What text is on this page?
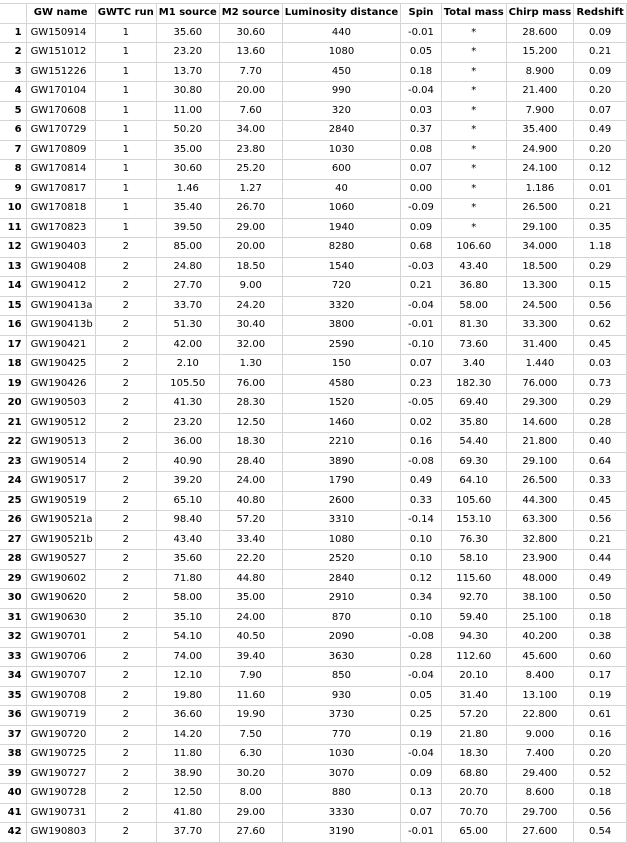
	GW name	GWTC run	M1 source	M2 source	Luminosity distance	Spin	Total mass	Chirp mass	Redshift
1	GW150914	1	35.60	30.60	440	-0.01	*	28.600	0.09
2	GW151012	1	23.20	13.60	1080	0.05	*	15.200	0.21
3	GW151226	1	13.70	7.70	450	0.18	*	8.900	0.09
4	GW170104	1	30.80	20.00	990	-0.04	*	21.400	0.20
5	GW170608	1	11.00	7.60	320	0.03	*	7.900	0.07
6	GW170729	1	50.20	34.00	2840	0.37	*	35.400	0.49
7	GW170809	1	35.00	23.80	1030	0.08	*	24.900	0.20
8	GW170814	1	30.60	25.20	600	0.07	*	24.100	0.12
9	GW170817	1	1.46	1.27	40	0.00	*	1.186	0.01
10	GW170818	1	35.40	26.70	1060	-0.09	*	26.500	0.21
11	GW170823	1	39.50	29.00	1940	0.09	*	29.100	0.35
12	GW190403	2	85.00	20.00	8280	0.68	106.60	34.000	1.18
13	GW190408	2	24.80	18.50	1540	-0.03	43.40	18.500	0.29
14	GW190412	2	27.70	9.00	720	0.21	36.80	13.300	0.15
15	GW190413a	2	33.70	24.20	3320	-0.04	58.00	24.500	0.56
16	GW190413b	2	51.30	30.40	3800	-0.01	81.30	33.300	0.62
17	GW190421	2	42.00	32.00	2590	-0.10	73.60	31.400	0.45
18	GW190425	2	2.10	1.30	150	0.07	3.40	1.440	0.03
19	GW190426	2	105.50	76.00	4580	0.23	182.30	76.000	0.73
20	GW190503	2	41.30	28.30	1520	-0.05	69.40	29.300	0.29
21	GW190512	2	23.20	12.50	1460	0.02	35.80	14.600	0.28
22	GW190513	2	36.00	18.30	2210	0.16	54.40	21.800	0.40
23	GW190514	2	40.90	28.40	3890	-0.08	69.30	29.100	0.64
24	GW190517	2	39.20	24.00	1790	0.49	64.10	26.500	0.33
25	GW190519	2	65.10	40.80	2600	0.33	105.60	44.300	0.45
26	GW190521a	2	98.40	57.20	3310	-0.14	153.10	63.300	0.56
27	GW190521b	2	43.40	33.40	1080	0.10	76.30	32.800	0.21
28	GW190527	2	35.60	22.20	2520	0.10	58.10	23.900	0.44
29	GW190602	2	71.80	44.80	2840	0.12	115.60	48.000	0.49
30	GW190620	2	58.00	35.00	2910	0.34	92.70	38.100	0.50
31	GW190630	2	35.10	24.00	870	0.10	59.40	25.100	0.18
32	GW190701	2	54.10	40.50	2090	-0.08	94.30	40.200	0.38
33	GW190706	2	74.00	39.40	3630	0.28	112.60	45.600	0.60
34	GW190707	2	12.10	7.90	850	-0.04	20.10	8.400	0.17
35	GW190708	2	19.80	11.60	930	0.05	31.40	13.100	0.19
36	GW190719	2	36.60	19.90	3730	0.25	57.20	22.800	0.61
37	GW190720	2	14.20	7.50	770	0.19	21.80	9.000	0.16
38	GW190725	2	11.80	6.30	1030	-0.04	18.30	7.400	0.20
39	GW190727	2	38.90	30.20	3070	0.09	68.80	29.400	0.52
40	GW190728	2	12.50	8.00	880	0.13	20.70	8.600	0.18
41	GW190731	2	41.80	29.00	3330	0.07	70.70	29.700	0.56
42	GW190803	2	37.70	27.60	3190	-0.01	65.00	27.600	0.54
